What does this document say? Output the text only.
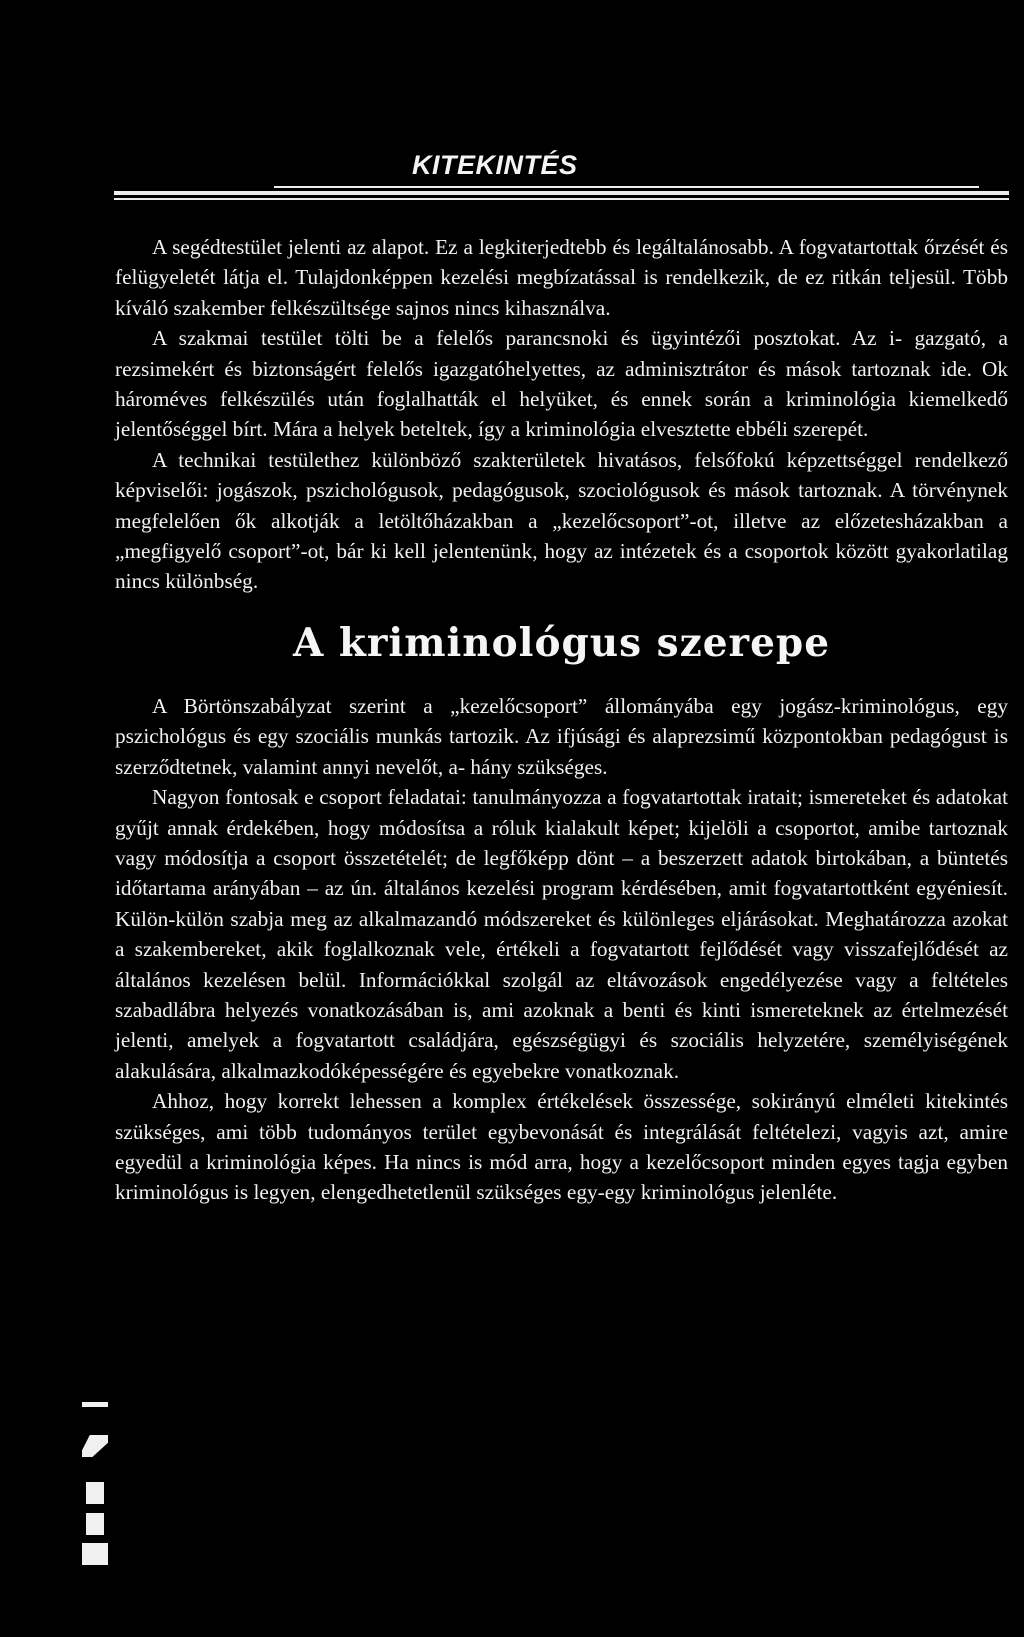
KITEKINTÉS

A segédtestület jelenti az alapot. Ez a legkiterjedtebb és legáltalánosabb. A fogvatartottak őrzését és felügyeletét látja el. Tulajdonképpen kezelési megbízatással is rendelkezik, de ez ritkán teljesül. Több kíváló szakember felkészültsége sajnos nincs kihasználva.

A szakmai testület tölti be a felelős parancsnoki és ügyintézői posztokat. Az i- gazgató, a rezsimekért és biztonságért felelős igazgatóhelyettes, az adminisztrátor és mások tartoznak ide. Ok hároméves felkészülés után foglalhatták el helyüket, és ennek során a kriminológia kiemelkedő jelentőséggel bírt. Mára a helyek beteltek, így a kriminológia elvesztette ebbéli szerepét.

A technikai testülethez különböző szakterületek hivatásos, felsőfokú képzettséggel rendelkező képviselői: jogászok, pszichológusok, pedagógusok, szociológusok és mások tartoznak. A törvénynek megfelelően ők alkotják a letöltőházakban a „kezelőcsoport”-ot, illetve az előzetesházakban a „megfigyelő csoport”-ot, bár ki kell jelentenünk, hogy az intézetek és a csoportok között gyakorlatilag nincs különbség.

A kriminológus szerepe

A Börtönszabályzat szerint a „kezelőcsoport” állományába egy jogász-kriminológus, egy pszichológus és egy szociális munkás tartozik. Az ifjúsági és alaprezsimű központokban pedagógust is szerződtetnek, valamint annyi nevelőt, a- hány szükséges.

Nagyon fontosak e csoport feladatai: tanulmányozza a fogvatartottak iratait; ismereteket és adatokat gyűjt annak érdekében, hogy módosítsa a róluk kialakult képet; kijelöli a csoportot, amibe tartoznak vagy módosítja a csoport összetételét; de legfőképp dönt – a beszerzett adatok birtokában, a büntetés időtartama arányában – az ún. általános kezelési program kérdésében, amit fogvatartottként egyéniesít. Külön-külön szabja meg az alkalmazandó módszereket és különleges eljárásokat. Meghatározza azokat a szakembereket, akik foglalkoznak vele, értékeli a fogvatartott fejlődését vagy visszafejlődését az általános kezelésen belül. Információkkal szolgál az eltávozások engedélyezése vagy a feltételes szabadlábra helyezés vonatkozásában is, ami azoknak a benti és kinti ismereteknek az értelmezését jelenti, amelyek a fogvatartott családjára, egészségügyi és szociális helyzetére, személyiségének alakulására, alkalmazkodóképességére és egyebekre vonatkoznak.

Ahhoz, hogy korrekt lehessen a komplex értékelések összessége, sokirányú elméleti kitekintés szükséges, ami több tudományos terület egybevonását és integrálását feltételezi, vagyis azt, amire egyedül a kriminológia képes. Ha nincs is mód arra, hogy a kezelőcsoport minden egyes tagja egyben kriminológus is legyen, elengedhetetlenül szükséges egy-egy kriminológus jelenléte.
